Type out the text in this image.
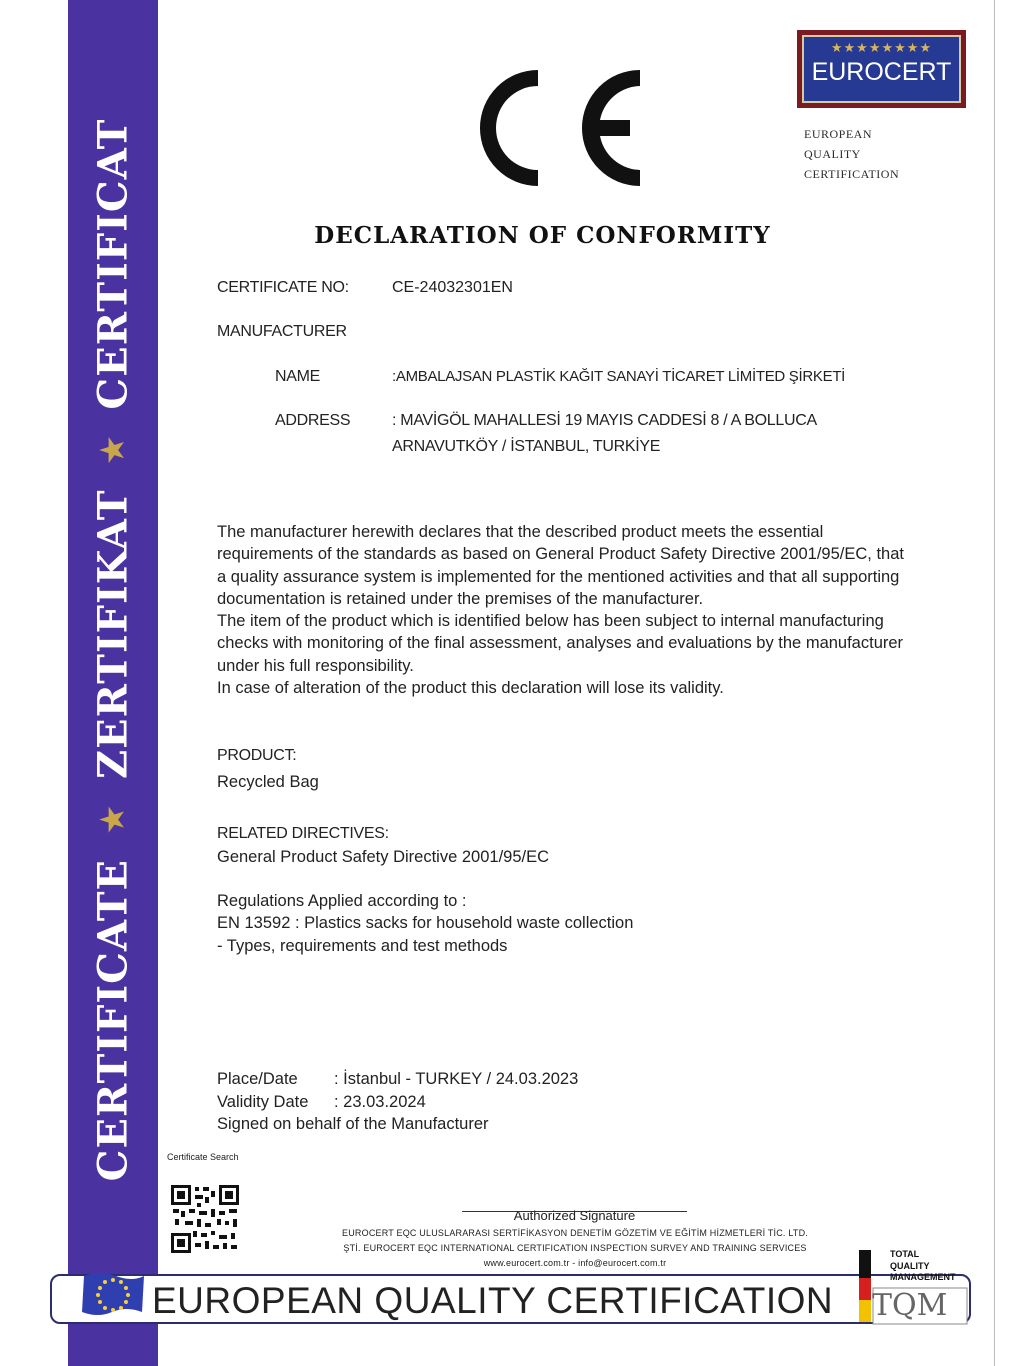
CERTIFICATE
★
ZERTIFIKAT
★
CERTIFICAT
★★★★★★★★
EUROCERT
EUROPEAN
QUALITY
CERTIFICATION
DECLARATION OF CONFORMITY
CERTIFICATE NO:	CE-24032301EN
MANUFACTURER
NAME	:AMBALAJSAN PLASTİK KAĞIT SANAYİ TİCARET LİMİTED ŞİRKETİ
ADDRESS	: MAVİGÖL MAHALLESİ 19 MAYIS CADDESİ 8 / A BOLLUCA
ARNAVUTKÖY / İSTANBUL, TURKİYE

The manufacturer herewith declares that the described product meets the essential requirements of the standards as based on General Product Safety Directive 2001/95/EC, that a quality assurance system is implemented for the mentioned activities and that all supporting documentation is retained under the premises of the manufacturer.

The item of the product which is identified below has been subject to internal manufacturing checks with monitoring of the final assessment, analyses and evaluations by the manufacturer under his full responsibility.

In case of alteration of the product this declaration will lose its validity.

PRODUCT:
Recycled Bag
RELATED DIRECTIVES:
General Product Safety Directive 2001/95/EC
Regulations Applied according to :
EN 13592 : Plastics sacks for household waste collection
- Types, requirements and test methods
Place/Date : İstanbul - TURKEY / 24.03.2023
Validity Date : 23.03.2024
Signed on behalf of the Manufacturer
Certificate Search
Authorized Signature
EUROCERT EQC ULUSLARARASI SERTİFİKASYON DENETİM GÖZETİM VE EĞİTİM HİZMETLERİ TİC. LTD.
ŞTİ. EUROCERT EQC INTERNATIONAL CERTIFICATION INSPECTION SURVEY AND TRAINING SERVICES
www.eurocert.com.tr - info@eurocert.com.tr
EUROPEAN QUALITY CERTIFICATION
TOTAL
QUALITY
MANAGEMENT
TQM
